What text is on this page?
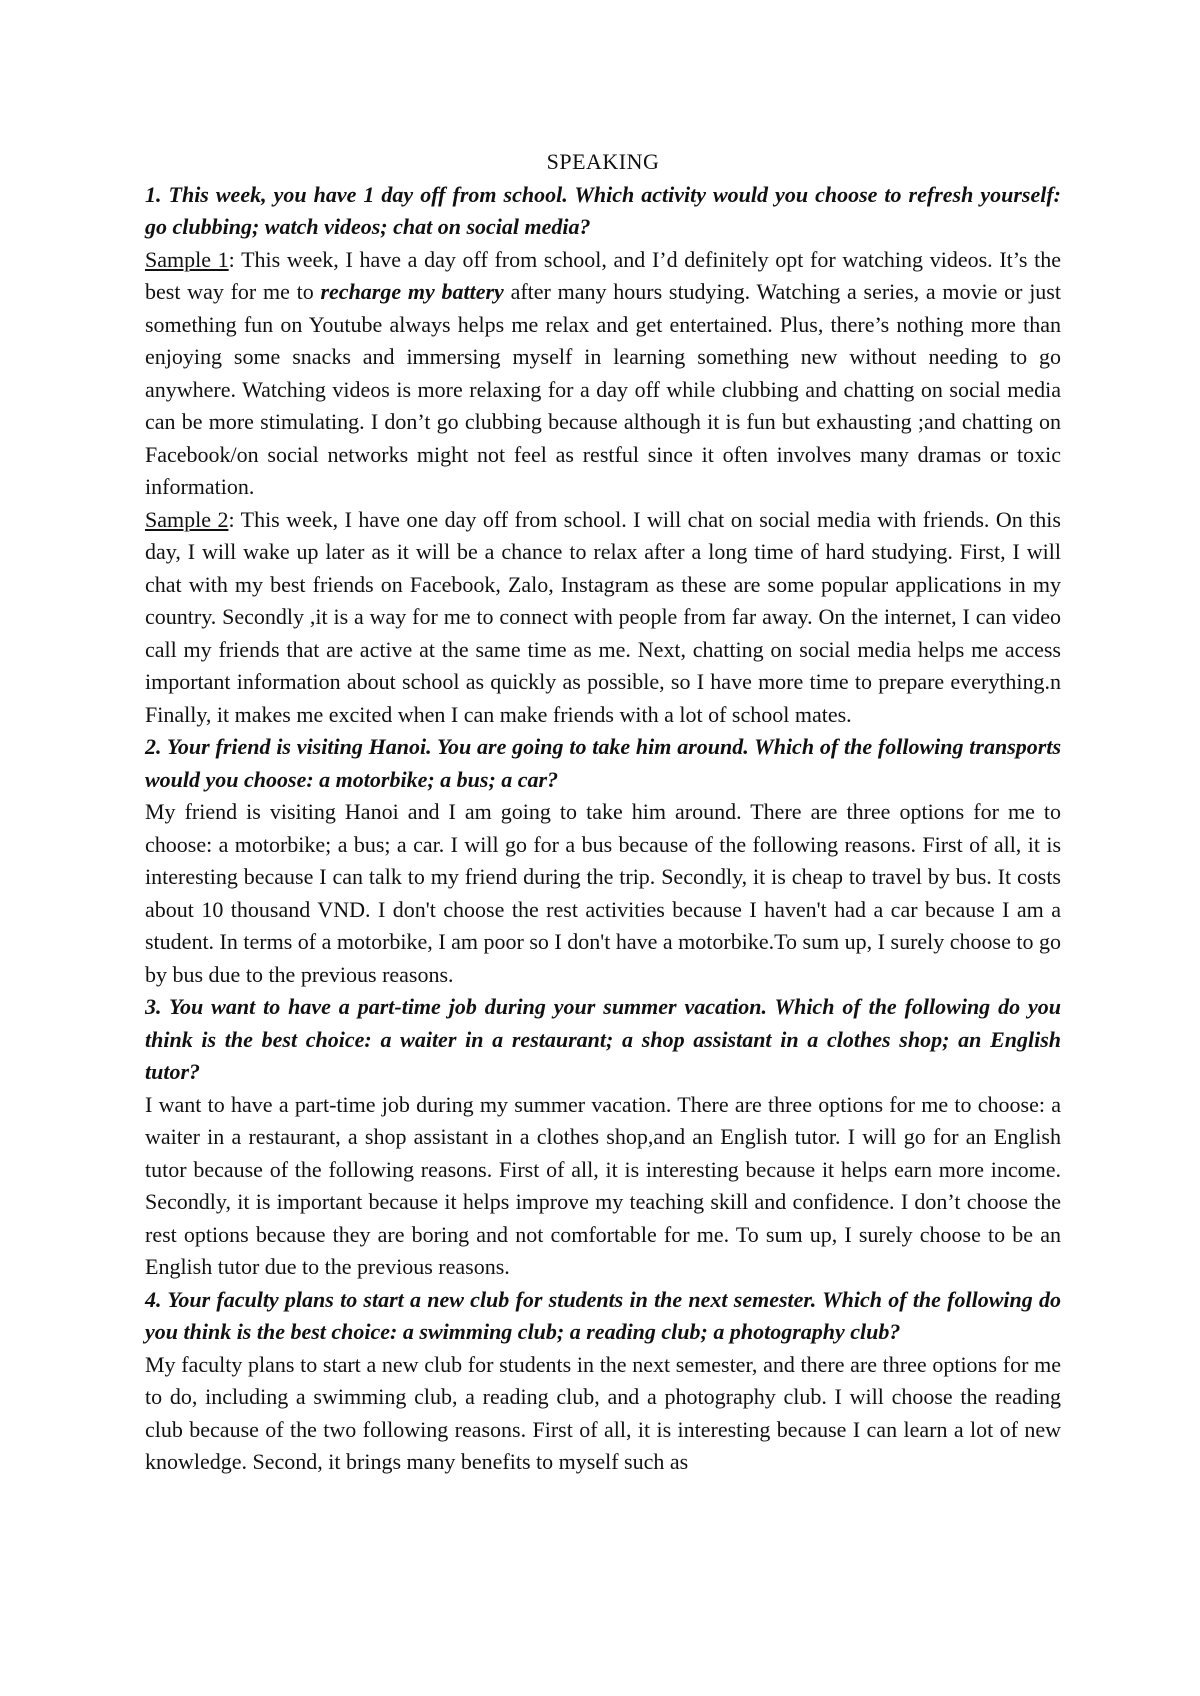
SPEAKING
1. This week, you have 1 day off from school. Which activity would you choose to refresh yourself: go clubbing; watch videos; chat on social media?
Sample 1: This week, I have a day off from school, and I’d definitely opt for watching videos. It’s the best way for me to recharge my battery after many hours studying. Watching a series, a movie or just something fun on Youtube always helps me relax and get entertained. Plus, there’s nothing more than enjoying some snacks and immersing myself in learning something new without needing to go anywhere. Watching videos is more relaxing for a day off while clubbing and chatting on social media can be more stimulating. I don’t go clubbing because although it is fun but exhausting ;and chatting on Facebook/on social networks might not feel as restful since it often involves many dramas or toxic information.
Sample 2: This week, I have one day off from school. I will chat on social media with friends. On this day, I will wake up later as it will be a chance to relax after a long time of hard studying. First, I will chat with my best friends on Facebook, Zalo, Instagram as these are some popular applications in my country. Secondly ,it is a way for me to connect with people from far away. On the internet, I can video call my friends that are active at the same time as me. Next, chatting on social media helps me access important information about school as quickly as possible, so I have more time to prepare everything.n Finally, it makes me excited when I can make friends with a lot of school mates.
2. Your friend is visiting Hanoi. You are going to take him around. Which of the following transports would you choose: a motorbike; a bus; a car?
My friend is visiting Hanoi and I am going to take him around. There are three options for me to choose: a motorbike; a bus; a car. I will go for a bus because of the following reasons. First of all, it is interesting because I can talk to my friend during the trip. Secondly, it is cheap to travel by bus. It costs about 10 thousand VND. I don't choose the rest activities because I haven't had a car because I am a student. In terms of a motorbike, I am poor so I don't have a motorbike.To sum up, I surely choose to go by bus due to the previous reasons.
3. You want to have a part-time job during your summer vacation. Which of the following do you think is the best choice: a waiter in a restaurant; a shop assistant in a clothes shop; an English tutor?
I want to have a part-time job during my summer vacation. There are three options for me to choose: a waiter in a restaurant, a shop assistant in a clothes shop,and an English tutor. I will go for an English tutor because of the following reasons. First of all, it is interesting because it helps earn more income. Secondly, it is important because it helps improve my teaching skill and confidence. I don’t choose the rest options because they are boring and not comfortable for me. To sum up, I surely choose to be an English tutor due to the previous reasons.
4. Your faculty plans to start a new club for students in the next semester. Which of the following do you think is the best choice: a swimming club; a reading club; a photography club?
My faculty plans to start a new club for students in the next semester, and there are three options for me to do, including a swimming club, a reading club, and a photography club. I will choose the reading club because of the two following reasons. First of all, it is interesting because I can learn a lot of new knowledge. Second, it brings many benefits to myself such as
